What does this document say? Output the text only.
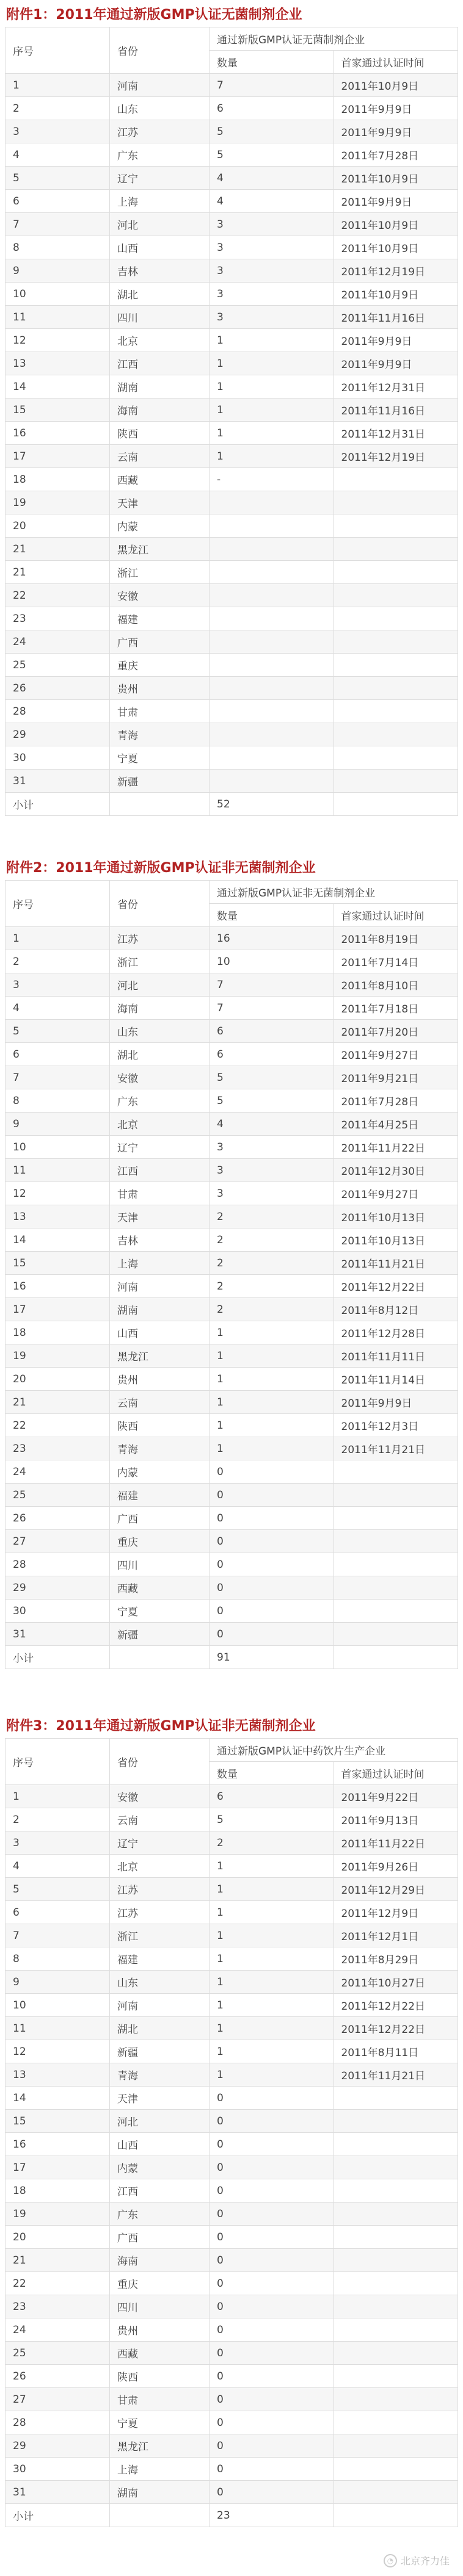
附件1：2011年通过新版GMP认证无菌制剂企业
序号	省份	通过新版GMP认证无菌制剂企业	
		数量	首家通过认证时间
1	河南	7	2011年10月9日
2	山东	6	2011年9月9日
3	江苏	5	2011年9月9日
4	广东	5	2011年7月28日
5	辽宁	4	2011年10月9日
6	上海	4	2011年9月9日
7	河北	3	2011年10月9日
8	山西	3	2011年10月9日
9	吉林	3	2011年12月19日
10	湖北	3	2011年10月9日
11	四川	3	2011年11月16日
12	北京	1	2011年9月9日
13	江西	1	2011年9月9日
14	湖南	1	2011年12月31日
15	海南	1	2011年11月16日
16	陕西	1	2011年12月31日
17	云南	1	2011年12月19日
18	西藏	-	
19	天津		
20	内蒙		
21	黑龙江		
21	浙江		
22	安徽		
23	福建		
24	广西		
25	重庆		
26	贵州		
28	甘肃		
29	青海		
30	宁夏		
31	新疆		
小计		52	
附件2：2011年通过新版GMP认证非无菌制剂企业
序号	省份	通过新版GMP认证非无菌制剂企业	
		数量	首家通过认证时间
1	江苏	16	2011年8月19日
2	浙江	10	2011年7月14日
3	河北	7	2011年8月10日
4	海南	7	2011年7月18日
5	山东	6	2011年7月20日
6	湖北	6	2011年9月27日
7	安徽	5	2011年9月21日
8	广东	5	2011年7月28日
9	北京	4	2011年4月25日
10	辽宁	3	2011年11月22日
11	江西	3	2011年12月30日
12	甘肃	3	2011年9月27日
13	天津	2	2011年10月13日
14	吉林	2	2011年10月13日
15	上海	2	2011年11月21日
16	河南	2	2011年12月22日
17	湖南	2	2011年8月12日
18	山西	1	2011年12月28日
19	黑龙江	1	2011年11月11日
20	贵州	1	2011年11月14日
21	云南	1	2011年9月9日
22	陕西	1	2011年12月3日
23	青海	1	2011年11月21日
24	内蒙	0	
25	福建	0	
26	广西	0	
27	重庆	0	
28	四川	0	
29	西藏	0	
30	宁夏	0	
31	新疆	0	
小计		91	
附件3：2011年通过新版GMP认证非无菌制剂企业
序号	省份	通过新版GMP认证中药饮片生产企业	
		数量	首家通过认证时间
1	安徽	6	2011年9月22日
2	云南	5	2011年9月13日
3	辽宁	2	2011年11月22日
4	北京	1	2011年9月26日
5	江苏	1	2011年12月29日
6	江苏	1	2011年12月9日
7	浙江	1	2011年12月1日
8	福建	1	2011年8月29日
9	山东	1	2011年10月27日
10	河南	1	2011年12月22日
11	湖北	1	2011年12月22日
12	新疆	1	2011年8月11日
13	青海	1	2011年11月21日
14	天津	0	
15	河北	0	
16	山西	0	
17	内蒙	0	
18	江西	0	
19	广东	0	
20	广西	0	
21	海南	0	
22	重庆	0	
23	四川	0	
24	贵州	0	
25	西藏	0	
26	陕西	0	
27	甘肃	0	
28	宁夏	0	
29	黑龙江	0	
30	上海	0	
31	湖南	0	
小计		23	
◔ 北京齐力佳
